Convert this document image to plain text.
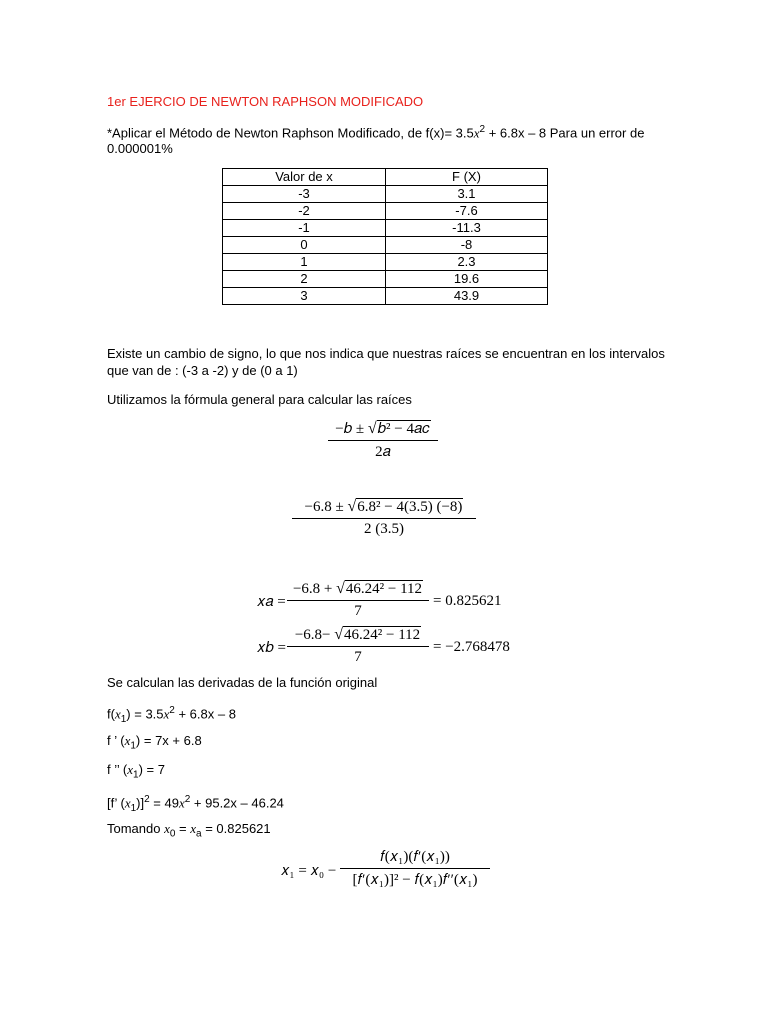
1er EJERCIO DE NEWTON RAPHSON MODIFICADO
*Aplicar el Método de Newton Raphson Modificado, de $f(x)= 3.5x^2 + 6.8x - 8$ Para un error de
0.000001%
Valor de x	F (X)
-3	3.1
-2	-7.6
-1	-11.3
0	-8
1	2.3
2	19.6
3	43.9
Existe un cambio de signo, lo que nos indica que nuestras raíces se encuentran en los intervalos
que van de : (-3 a -2) y de (0 a 1)
Utilizamos la fórmula general para calcular las raíces
−𝑏 ± √𝑏² − 4𝑎𝑐
2𝑎
$\frac{\text{−6.8 ± √6.8² − 4(3.5) (−8)}}{2 (3.5)}$
𝑥𝑎 = $\frac{\text{−6.8 + √46.24² − 112}}{7} = 0.825621$
𝑥𝑏 = $\frac{\text{−6.8− √46.24² − 112}}{7} = -2.768478$
Se calculan las derivadas de la función original
$f(x_1) = 3.5x^2 + 6.8x - 8$
f ’ $(x_1) = 7x + 6.8$
f ’’ $(x_1) = 7$
[f’ $(x_1)]^2 = 49x^2 + 95.2x - 46.24$
Tomando $x_0 = x_a = 0.825621$
𝑥₁ = 𝑥₀ −
𝑓(𝑥₁)(𝑓′(𝑥₁))
[𝑓′(𝑥₁)]² − 𝑓(𝑥₁)𝑓′′(𝑥₁)
